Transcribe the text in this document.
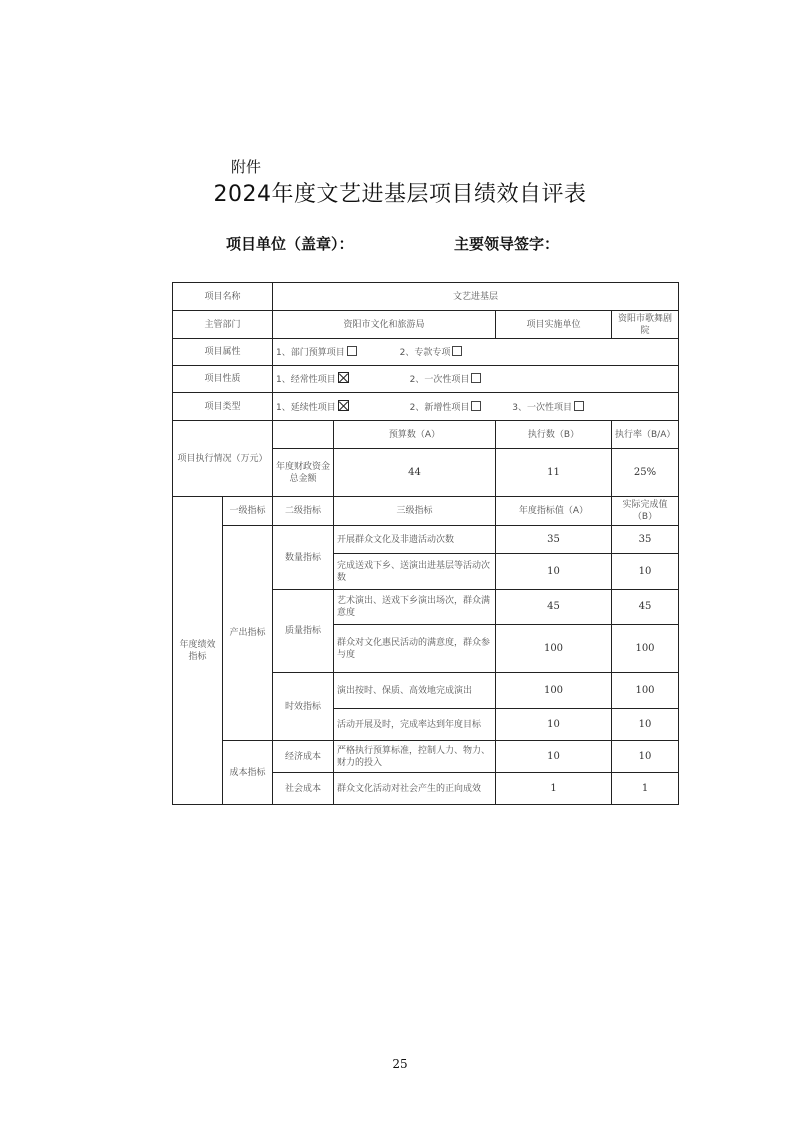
附件
2024年度文艺进基层项目绩效自评表
项目单位（盖章）：	主要领导签字：
项目名称		文艺进基层			
主管部门		资阳市文化和旅游局		项目实施单位	资阳市歌舞剧院
项目属性		1、部门预算项目 2、专款专项			
项目性质		1、经常性项目 2、一次性项目			
项目类型		1、延续性项目 2、新增性项目 3、一次性项目			
项目执行情况（万元）			预算数（A）	执行数（B）	执行率（B/A）
		年度财政资金总金额	44	11	25%
年度绩效指标	一级指标	二级指标	三级指标	年度指标值（A）	实际完成值（B）
	产出指标	数量指标	开展群众文化及非遗活动次数	35	35
			完成送戏下乡、送演出进基层等活动次数	10	10
		质量指标	艺术演出、送戏下乡演出场次，群众满意度	45	45
			群众对文化惠民活动的满意度，群众参与度	100	100
		时效指标	演出按时、保质、高效地完成演出	100	100
			活动开展及时，完成率达到年度目标	10	10
	成本指标	经济成本	严格执行预算标准，控制人力、物力、财力的投入	10	10
		社会成本	群众文化活动对社会产生的正向成效	1	1
25
